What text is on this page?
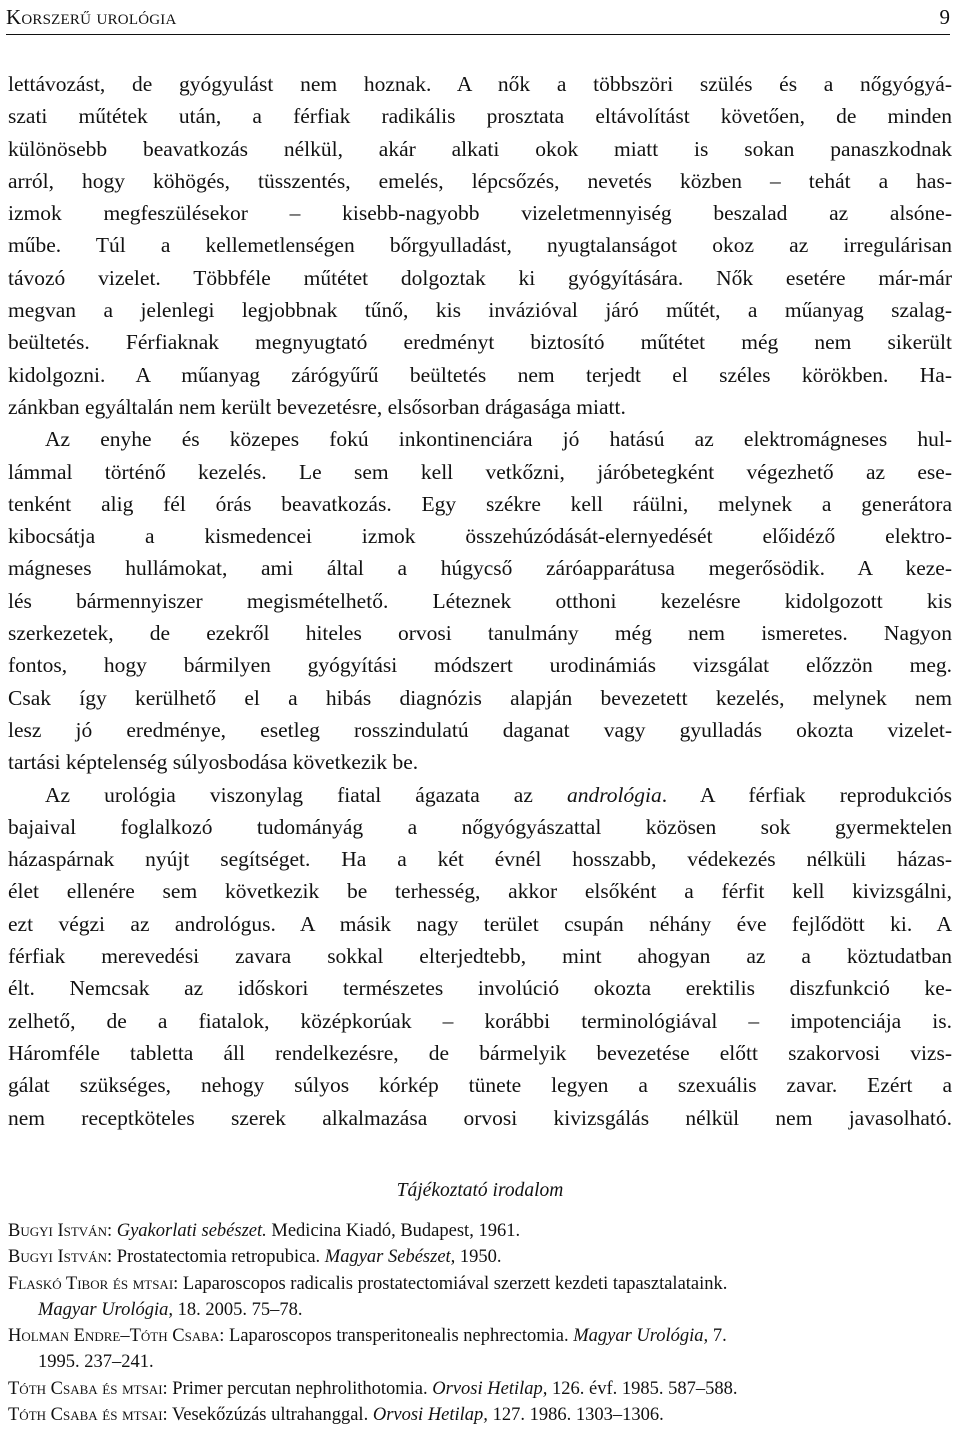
Korszerű urológia	9
lettávozást, de gyógyulást nem hoznak. A nők a többszöri szülés és a nőgyógyá-
szati műtétek után, a férfiak radikális prosztata eltávolítást követően, de minden
különösebb beavatkozás nélkül, akár alkati okok miatt is sokan panaszkodnak
arról, hogy köhögés, tüsszentés, emelés, lépcsőzés, nevetés közben – tehát a has-
izmok megfeszülésekor – kisebb-nagyobb vizeletmennyiség beszalad az alsóne-
műbe. Túl a kellemetlenségen bőrgyulladást, nyugtalanságot okoz az irregulárisan
távozó vizelet. Többféle műtétet dolgoztak ki gyógyítására. Nők esetére már-már
megvan a jelenlegi legjobbnak tűnő, kis invázióval járó műtét, a műanyag szalag-
beültetés. Férfiaknak megnyugtató eredményt biztosító műtétet még nem sikerült
kidolgozni. A műanyag zárógyűrű beültetés nem terjedt el széles körökben. Ha-
zánkban egyáltalán nem került bevezetésre, elsősorban drágasága miatt.
Az enyhe és közepes fokú inkontinenciára jó hatású az elektromágneses hul-
lámmal történő kezelés. Le sem kell vetkőzni, járóbetegként végezhető az ese-
tenként alig fél órás beavatkozás. Egy székre kell ráülni, melynek a generátora
kibocsátja a kismedencei izmok összehúzódását-elernyedését előidéző elektro-
mágneses hullámokat, ami által a húgycső záróapparátusa megerősödik. A keze-
lés bármennyiszer megismételhető. Léteznek otthoni kezelésre kidolgozott kis
szerkezetek, de ezekről hiteles orvosi tanulmány még nem ismeretes. Nagyon
fontos, hogy bármilyen gyógyítási módszert urodinámiás vizsgálat előzzön meg.
Csak így kerülhető el a hibás diagnózis alapján bevezetett kezelés, melynek nem
lesz jó eredménye, esetleg rosszindulatú daganat vagy gyulladás okozta vizelet-
tartási képtelenség súlyosbodása következik be.
Az urológia viszonylag fiatal ágazata az andrológia. A férfiak reprodukciós
bajaival foglalkozó tudományág a nőgyógyászattal közösen sok gyermektelen
házaspárnak nyújt segítséget. Ha a két évnél hosszabb, védekezés nélküli házas-
élet ellenére sem következik be terhesség, akkor elsőként a férfit kell kivizsgálni,
ezt végzi az andrológus. A másik nagy terület csupán néhány éve fejlődött ki. A
férfiak merevedési zavara sokkal elterjedtebb, mint ahogyan az a köztudatban
élt. Nemcsak az időskori természetes involúció okozta erektilis diszfunkció ke-
zelhető, de a fiatalok, középkorúak – korábbi terminológiával – impotenciája is.
Háromféle tabletta áll rendelkezésre, de bármelyik bevezetése előtt szakorvosi vizs-
gálat szükséges, nehogy súlyos kórkép tünete legyen a szexuális zavar. Ezért a
nem receptköteles szerek alkalmazása orvosi kivizsgálás nélkül nem javasolható.
Tájékoztató irodalom
Bugyi István: Gyakorlati sebészet. Medicina Kiadó, Budapest, 1961.
Bugyi István: Prostatectomia retropubica. Magyar Sebészet, 1950.
Flaskó Tibor és mtsai: Laparoscopos radicalis prostatectomiával szerzett kezdeti tapasztalataink.
Magyar Urológia, 18. 2005. 75–78.
Holman Endre–Tóth Csaba: Laparoscopos transperitonealis nephrectomia. Magyar Urológia, 7.
1995. 237–241.
Tóth Csaba és mtsai: Primer percutan nephrolithotomia. Orvosi Hetilap, 126. évf. 1985. 587–588.
Tóth Csaba és mtsai: Vesekőzúzás ultrahanggal. Orvosi Hetilap, 127. 1986. 1303–1306.
